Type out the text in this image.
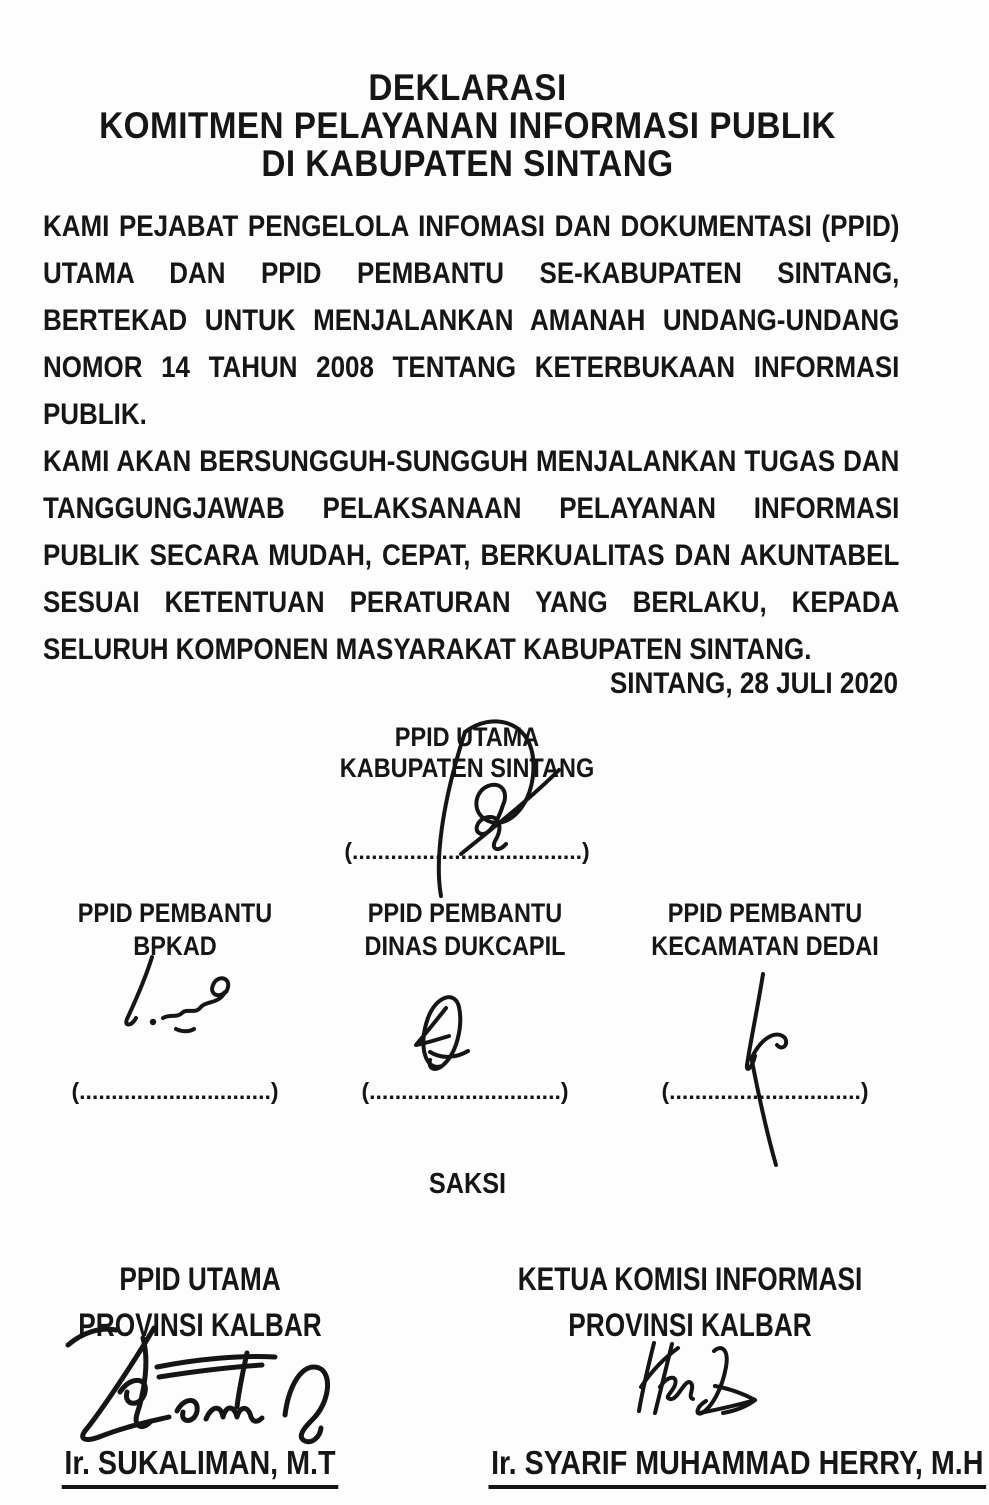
DEKLARASI
KOMITMEN PELAYANAN INFORMASI PUBLIK
DI KABUPATEN SINTANG
KAMI PEJABAT PENGELOLA INFOMASI DAN DOKUMENTASI (PPID)
UTAMA DAN PPID PEMBANTU SE-KABUPATEN SINTANG,
BERTEKAD UNTUK MENJALANKAN AMANAH UNDANG-UNDANG
NOMOR 14 TAHUN 2008 TENTANG KETERBUKAAN INFORMASI
PUBLIK.
KAMI AKAN BERSUNGGUH-SUNGGUH MENJALANKAN TUGAS DAN
TANGGUNGJAWAB PELAKSANAAN PELAYANAN INFORMASI
PUBLIK SECARA MUDAH, CEPAT, BERKUALITAS DAN AKUNTABEL
SESUAI KETENTUAN PERATURAN YANG BERLAKU, KEPADA
SELURUH KOMPONEN MASYARAKAT KABUPATEN SINTANG.
SINTANG, 28 JULI 2020
PPID UTAMA
KABUPATEN SINTANG
(....................................)
PPID PEMBANTU
BPKAD
PPID PEMBANTU
DINAS DUKCAPIL
PPID PEMBANTU
KECAMATAN DEDAI
(..............................)	(..............................)	(..............................)
SAKSI
PPID UTAMA
PROVINSI KALBAR
KETUA KOMISI INFORMASI
PROVINSI KALBAR
Ir. SUKALIMAN, M.T	Ir. SYARIF MUHAMMAD HERRY, M.H
